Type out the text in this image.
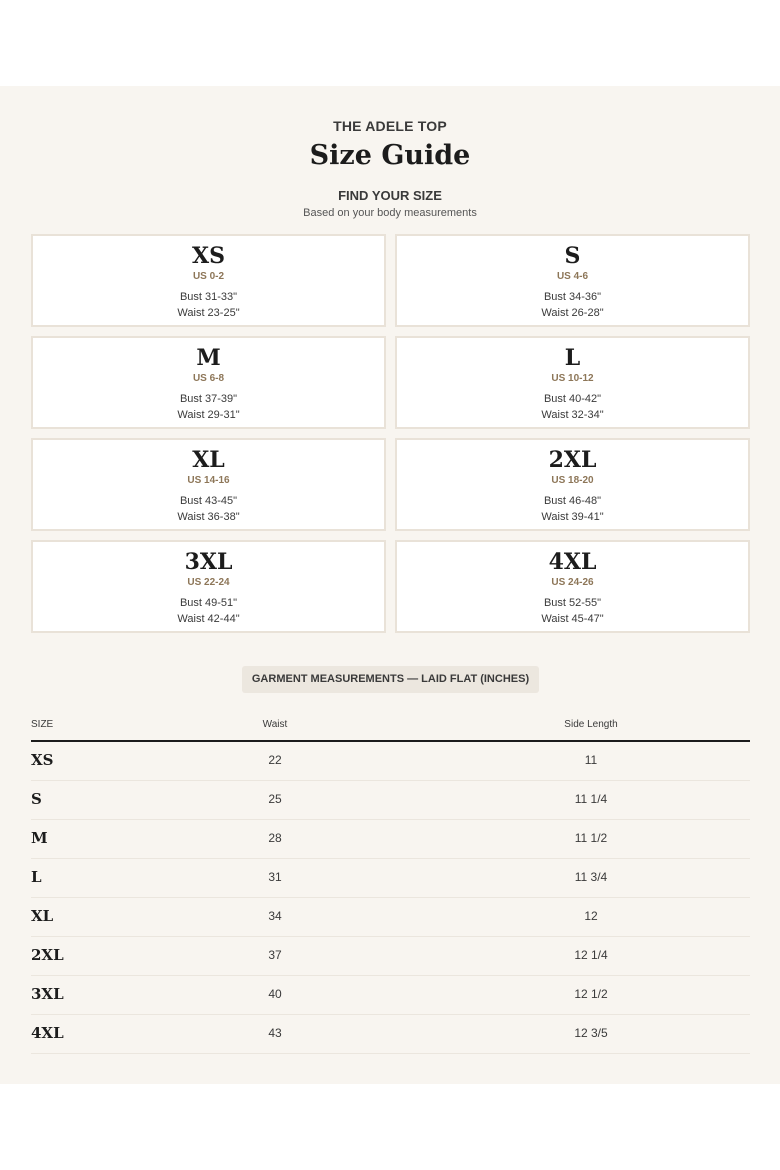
THE ADELE TOP
Size Guide
FIND YOUR SIZE
Based on your body measurements
XS
US 0-2
Bust 31-33"
Waist 23-25"
S
US 4-6
Bust 34-36"
Waist 26-28"
M
US 6-8
Bust 37-39"
Waist 29-31"
L
US 10-12
Bust 40-42"
Waist 32-34"
XL
US 14-16
Bust 43-45"
Waist 36-38"
2XL
US 18-20
Bust 46-48"
Waist 39-41"
3XL
US 22-24
Bust 49-51"
Waist 42-44"
4XL
US 24-26
Bust 52-55"
Waist 45-47"
GARMENT MEASUREMENTS — LAID FLAT (INCHES)
SIZE	Waist	Side Length
XS	22	11
S	25	11 1/4
M	28	11 1/2
L	31	11 3/4
XL	34	12
2XL	37	12 1/4
3XL	40	12 1/2
4XL	43	12 3/5
